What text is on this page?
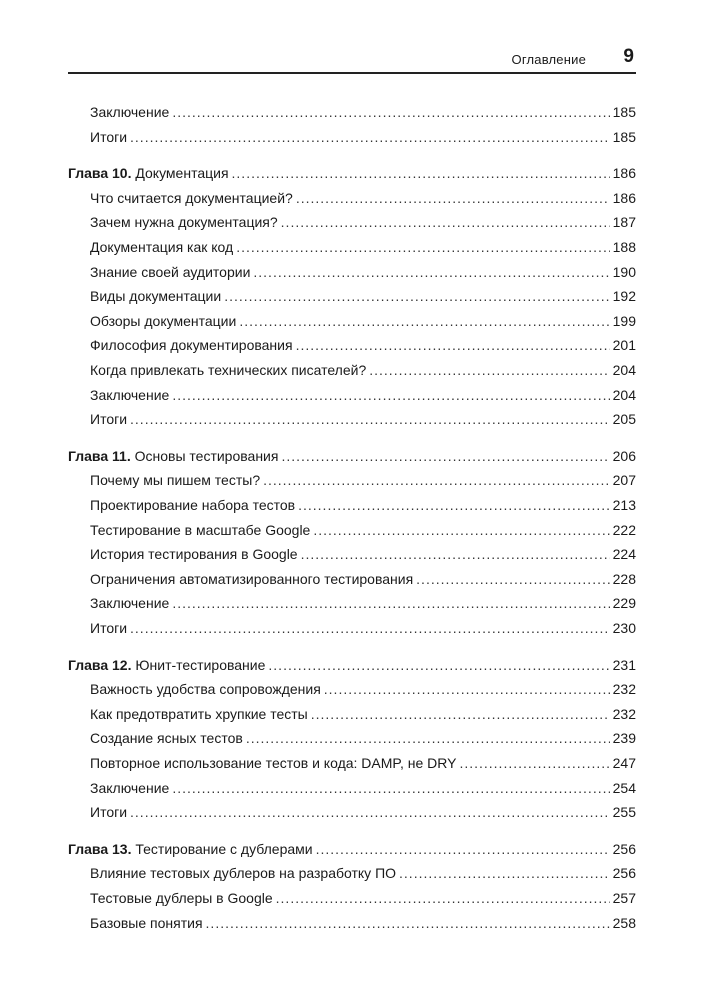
Оглавление 9
Заключение .....	185
Итоги .....	185
Глава 10. Документация .....	186
Что считается документацией? .....	186
Зачем нужна документация? .....	187
Документация как код .....	188
Знание своей аудитории .....	190
Виды документации .....	192
Обзоры документации .....	199
Философия документирования .....	201
Когда привлекать технических писателей? .....	204
Заключение .....	204
Итоги .....	205
Глава 11. Основы тестирования .....	206
Почему мы пишем тесты? .....	207
Проектирование набора тестов .....	213
Тестирование в масштабе Google .....	222
История тестирования в Google .....	224
Ограничения автоматизированного тестирования .....	228
Заключение .....	229
Итоги .....	230
Глава 12. Юнит-тестирование .....	231
Важность удобства сопровождения .....	232
Как предотвратить хрупкие тесты .....	232
Создание ясных тестов .....	239
Повторное использование тестов и кода: DAMP, не DRY .....	247
Заключение .....	254
Итоги .....	255
Глава 13. Тестирование с дублерами .....	256
Влияние тестовых дублеров на разработку ПО .....	256
Тестовые дублеры в Google .....	257
Базовые понятия .....	258
